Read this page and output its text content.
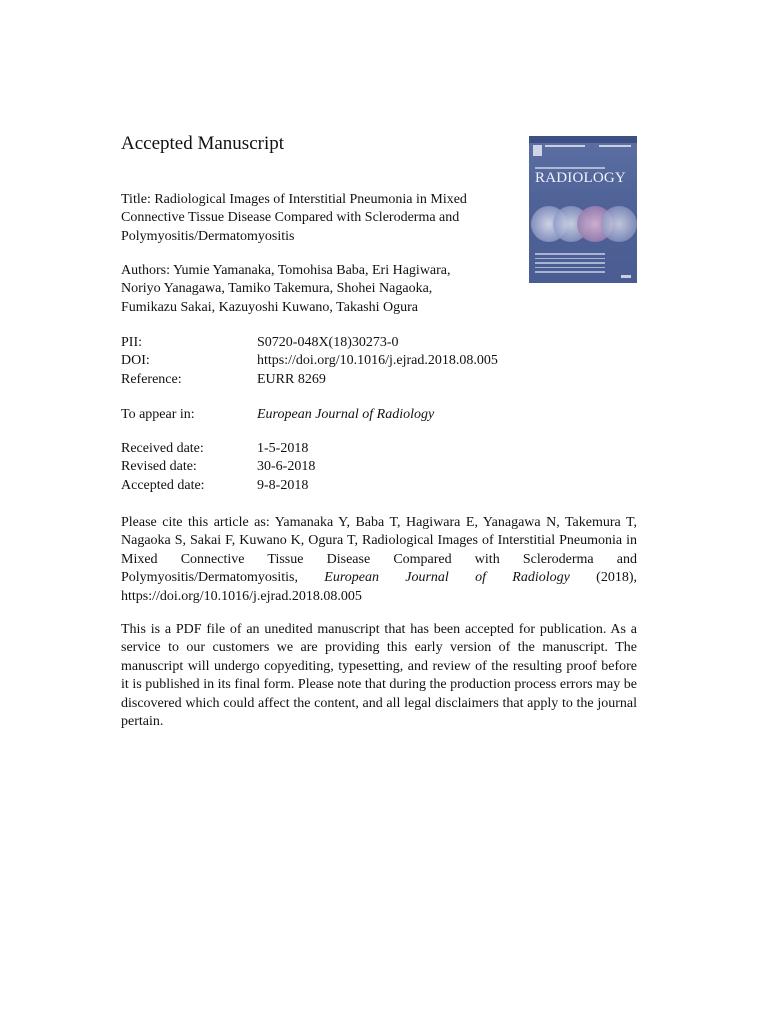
Accepted Manuscript
Title: Radiological Images of Interstitial Pneumonia in Mixed
Connective Tissue Disease Compared with Scleroderma and
Polymyositis/Dermatomyositis
Authors: Yumie Yamanaka, Tomohisa Baba, Eri Hagiwara,
Noriyo Yanagawa, Tamiko Takemura, Shohei Nagaoka,
Fumikazu Sakai, Kazuyoshi Kuwano, Takashi Ogura
PII:	S0720-048X(18)30273-0
DOI:	https://doi.org/10.1016/j.ejrad.2018.08.005
Reference:	EURR 8269
To appear in:	European Journal of Radiology
Received date:	1-5-2018
Revised date:	30-6-2018
Accepted date:	9-8-2018
Please cite this article as: Yamanaka Y, Baba T, Hagiwara E, Yanagawa N, Takemura T, Nagaoka S, Sakai F, Kuwano K, Ogura T, Radiological Images of Interstitial Pneumonia in Mixed Connective Tissue Disease Compared with Scleroderma and Polymyositis/Dermatomyositis, European Journal of Radiology (2018), https://doi.org/10.1016/j.ejrad.2018.08.005
This is a PDF file of an unedited manuscript that has been accepted for publication. As a service to our customers we are providing this early version of the manuscript. The manuscript will undergo copyediting, typesetting, and review of the resulting proof before it is published in its final form. Please note that during the production process errors may be discovered which could affect the content, and all legal disclaimers that apply to the journal pertain.
RADIOLOGY
